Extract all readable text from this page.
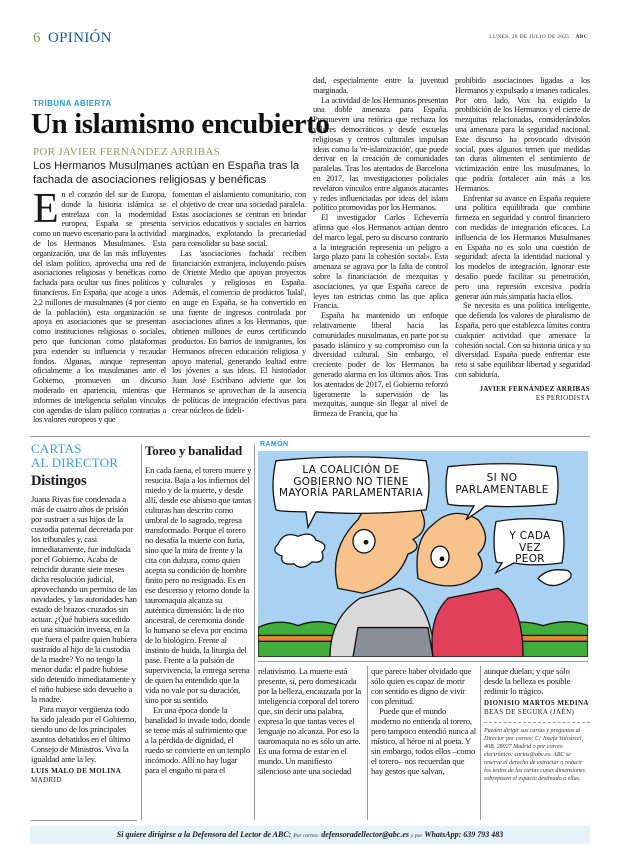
6 OPINIÓN	LUNES, 28 DE JULIO DE 2025 ABC
TRIBUNA ABIERTA
Un islamismo encubierto
POR JAVIER FERNÁNDEZ ARRIBAS
Los Hermanos Musulmanes actúan en España tras la fachada de asociaciones religiosas y benéficas
E n el corazón del sur de Europa, donde la historia islámica se entrelaza con la modernidad europea, España se presenta como un nuevo escenario para la actividad de los Hermanos Musulmanes. Esta organización, una de las más influyentes del islam político, aprovecha una red de asociaciones religiosas y benéficas como fachada para ocultar sus fines políticos y financieros. En España, que acoge a unos 2,2 millones de musulmanes (4 por ciento de la población), esta organización se apoya en asociaciones que se presentan como instituciones religiosas o sociales, pero que funcionan como plataformas para extender su influencia y recaudar fondos. Algunas, aunque representan oficialmente a los musulmanes ante el Gobierno, promueven un discurso moderado en apariencia, mientras que informes de inteligencia señalan vínculos con agendas de islam político contrarias a los valores europeos y que

fomentan el aislamiento comunitario, con el objetivo de crear una sociedad paralela. Estas asociaciones se centran en brindar servicios educativos y sociales en barrios marginados, explotando la precariedad para consolidar su base social.

Las 'asociaciones fachada' reciben financiación extranjera, incluyendo países de Oriente Medio que apoyan proyectos culturales y religiosos en España. Además, el comercio de productos 'halal', en auge en España, se ha convertido en una fuente de ingresos controlada por asociaciones afines a los Hermanos, que obtienen millones de euros certificando productos. En barrios de inmigrantes, los Hermanos ofrecen educación religiosa y apoyo material, generando lealtad entre los jóvenes a sus ideas. El historiador Juan José Escribano advierte que los Hermanos se aprovechan de la ausencia de políticas de integración efectivas para crear núcleos de fideli-

dad, especialmente entre la juventud marginada.

La actividad de los Hermanos presentan una doble amenaza para España. Promueven una retórica que rechaza los valores democráticos y desde escuelas religiosas y centros culturales impulsan ideas como la 're-islamización', que puede derivar en la creación de comunidades paralelas. Tras los atentados de Barcelona en 2017, las investigaciones policiales revelaron vínculos entre algunos atacantes y redes influenciadas por ideas del islam político promovidas por los Hermanos.

El investigador Carlos Echeverría afirma que «los Hermanos actúan dentro del marco legal, pero su discurso contrario a la integración representa un peligro a largo plazo para la cohesión social». Esta amenaza se agrava por la falta de control sobre la financiación de mezquitas y asociaciones, ya que España carece de leyes tan estrictas como las que aplica Francia.

España ha mantenido un enfoque relativamente liberal hacia las comunidades musulmanas, en parte por su pasado islámico y su compromiso con la diversidad cultural. Sin embargo, el creciente poder de los Hermanos ha generado alarma en los últimos años. Tras los atentados de 2017, el Gobierno reforzó ligeramente la supervisión de las mezquitas, aunque sin llegar al nivel de firmeza de Francia, que ha

prohibido asociaciones ligadas a los Hermanos y expulsado a imanes radicales. Por otro lado, Vox ha exigido la prohibición de los Hermanos y el cierre de mezquitas relacionadas, considerándolos una amenaza para la seguridad nacional. Este discurso ha provocado división social, pues algunos temen que medidas tan duras alimenten el sentimiento de victimización entre los musulmanes, lo que podría fortalecer aún más a los Hermanos.

Enfrentar su avance en España requiere una política equilibrada que combine firmeza en seguridad y control financiero con medidas de integración eficaces. La influencia de los Hermanos Musulmanes en España no es solo una cuestión de seguridad: afecta la identidad nacional y los modelos de integración. Ignorar este desafío puede facilitar su penetración, pero una represión excesiva podría generar aún más simpatía hacia ellos.

Se necesita es una política inteligente, que defienda los valores de pluralismo de España, pero que establezca límites contra cualquier actividad que amenace la cohesión social. Con su historia única y su diversidad. España puede enfrentar este reto si sabe equilibrar libertad y seguridad con sabiduría.

JAVIER FERNÁNDEZ ARRIBAS
ES PERIODISTA
CARTAS
AL DIRECTOR
Distingos

Juana Rivas fue condenada a más de cuatro años de prisión por sustraer a sus hijos de la custodia paternal decretada por los tribunales y, casi inmediatamente, fue indultada por el Gobierno. Acaba de reincidir durante siete meses dicha resolución judicial, aprovechando un permiso de las navidades, y las autoridades han estado de brazos cruzados sin actuar. ¿Qué hubiera sucedido en una situación inversa, en la que fuera el padre quien hubiera sustraído al hijo de la custodia de la madre? Yo no tengo la menor duda: el padre hubiese sido detenido inmediatamente y el niño hubiese sido devuelto a la madre.

Para mayor vergüenza todo ha sido jaleado por el Gobierno, siendo uno de los principales asuntos debatidos en el último Consejo de Ministros. Viva la igualdad ante la ley.

LUIS MALO DE MOLINA
MADRID
Toreo y banalidad

En cada faena, el torero muere y resucita. Baja a los infiernos del miedo y de la muerte, y desde allí, desde ese abismo que tantas culturas han descrito como umbral de lo sagrado, regresa transformado. Porque el torero no desafía la muerte con furia, sino que la mira de frente y la cita con dulzura, como quien acepta su condición de hombre finito pero no resignado. Es en ese descenso y retorno donde la tauromaquia alcanza su auténtica dimensión: la de rito ancestral, de ceremonia donde lo humano se eleva por encima de lo biológico. Frente al instinto de huida, la liturgia del pase. Frente a la pulsión de supervivencia, la entrega serena de quien ha entendido que la vida no vale por su duración, sino por su sentido.

En una época donde la banalidad lo invade todo, donde se teme más al sufrimiento que a la pérdida de dignidad, el ruedo se convierte en un templo incómodo. Allí no hay lugar para el engaño ni para el

RAMÓN
LA COALICIÓN DE GOBIERNO NO TIENE MAYORÍA PARLAMENTARIA
SI NO PARLAMENTABLE
Y CADA VEZ PEOR

relativismo. La muerte está presente, sí, pero domesticada por la belleza, encauzada por la inteligencia corporal del torero que, sin decir una palabra, expresa lo que tantas veces el lenguaje no alcanza. Por eso la tauromaquia no es sólo un arte. Es una forma de estar en el mundo. Un manifiesto silencioso ante una sociedad

que parece haber olvidado que sólo quien es capaz de morir con sentido es digno de vivir con plenitud.

Puede que el mundo moderno no entienda al torero, pero tampoco entendió nunca al místico, al héroe ni al poeta. Y sin embargo, todos ellos –como el torero– nos recuerdan que hay gestos que salvan,

aunque duelan; y que sólo desde la belleza es posible redimir lo trágico.

DIONISIO MARTOS MEDINA
BEAS DE SEGURA (JAÉN)
Pueden dirigir sus cartas y preguntas al Director por correo: C/ Josefa Valcárcel, 40B, 28027 Madrid o por correo electrónico: cartas@abc.es. ABC se reserva el derecho de extractar o reducir los textos de las cartas cuyas dimensiones sobrepasen el espacio destinado a ellas.
Si quiere dirigirse a la Defensora del Lector de ABC: Por correo: defensoradellector@abc.es y por WhatsApp: 639 793 483
